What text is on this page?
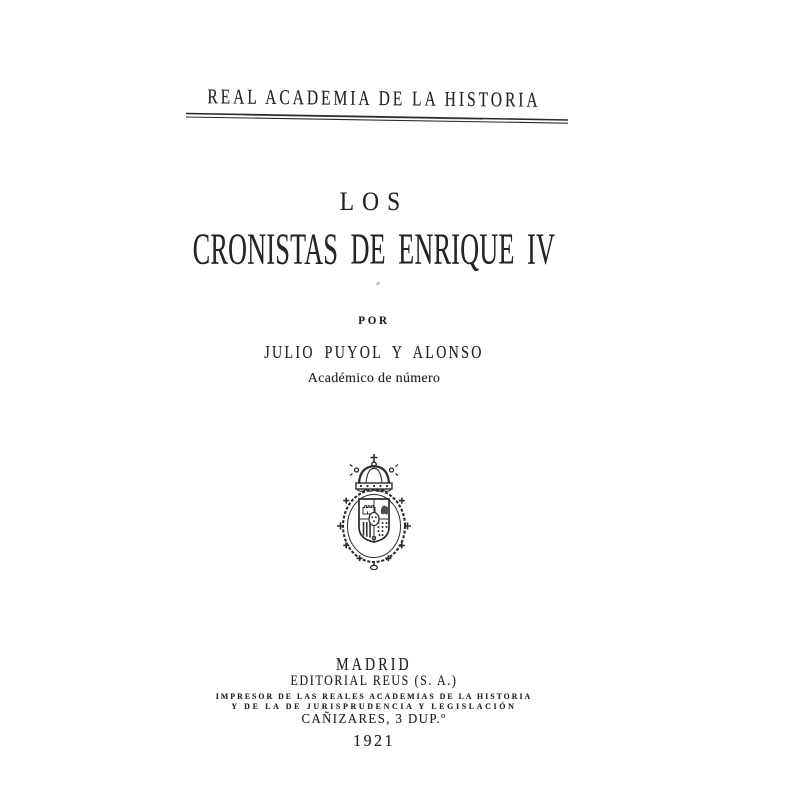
REAL ACADEMIA DE LA HISTORIA
LOS
CRONISTAS DE ENRIQUE IV
POR
JULIO PUYOL Y ALONSO
Académico de número
MADRID
EDITORIAL REUS (S. A.)
IMPRESOR DE LAS REALES ACADEMIAS DE LA HISTORIA
Y DE LA DE JURISPRUDENCIA Y LEGISLACIÓN
CAÑIZARES, 3 DUP.º
1921
